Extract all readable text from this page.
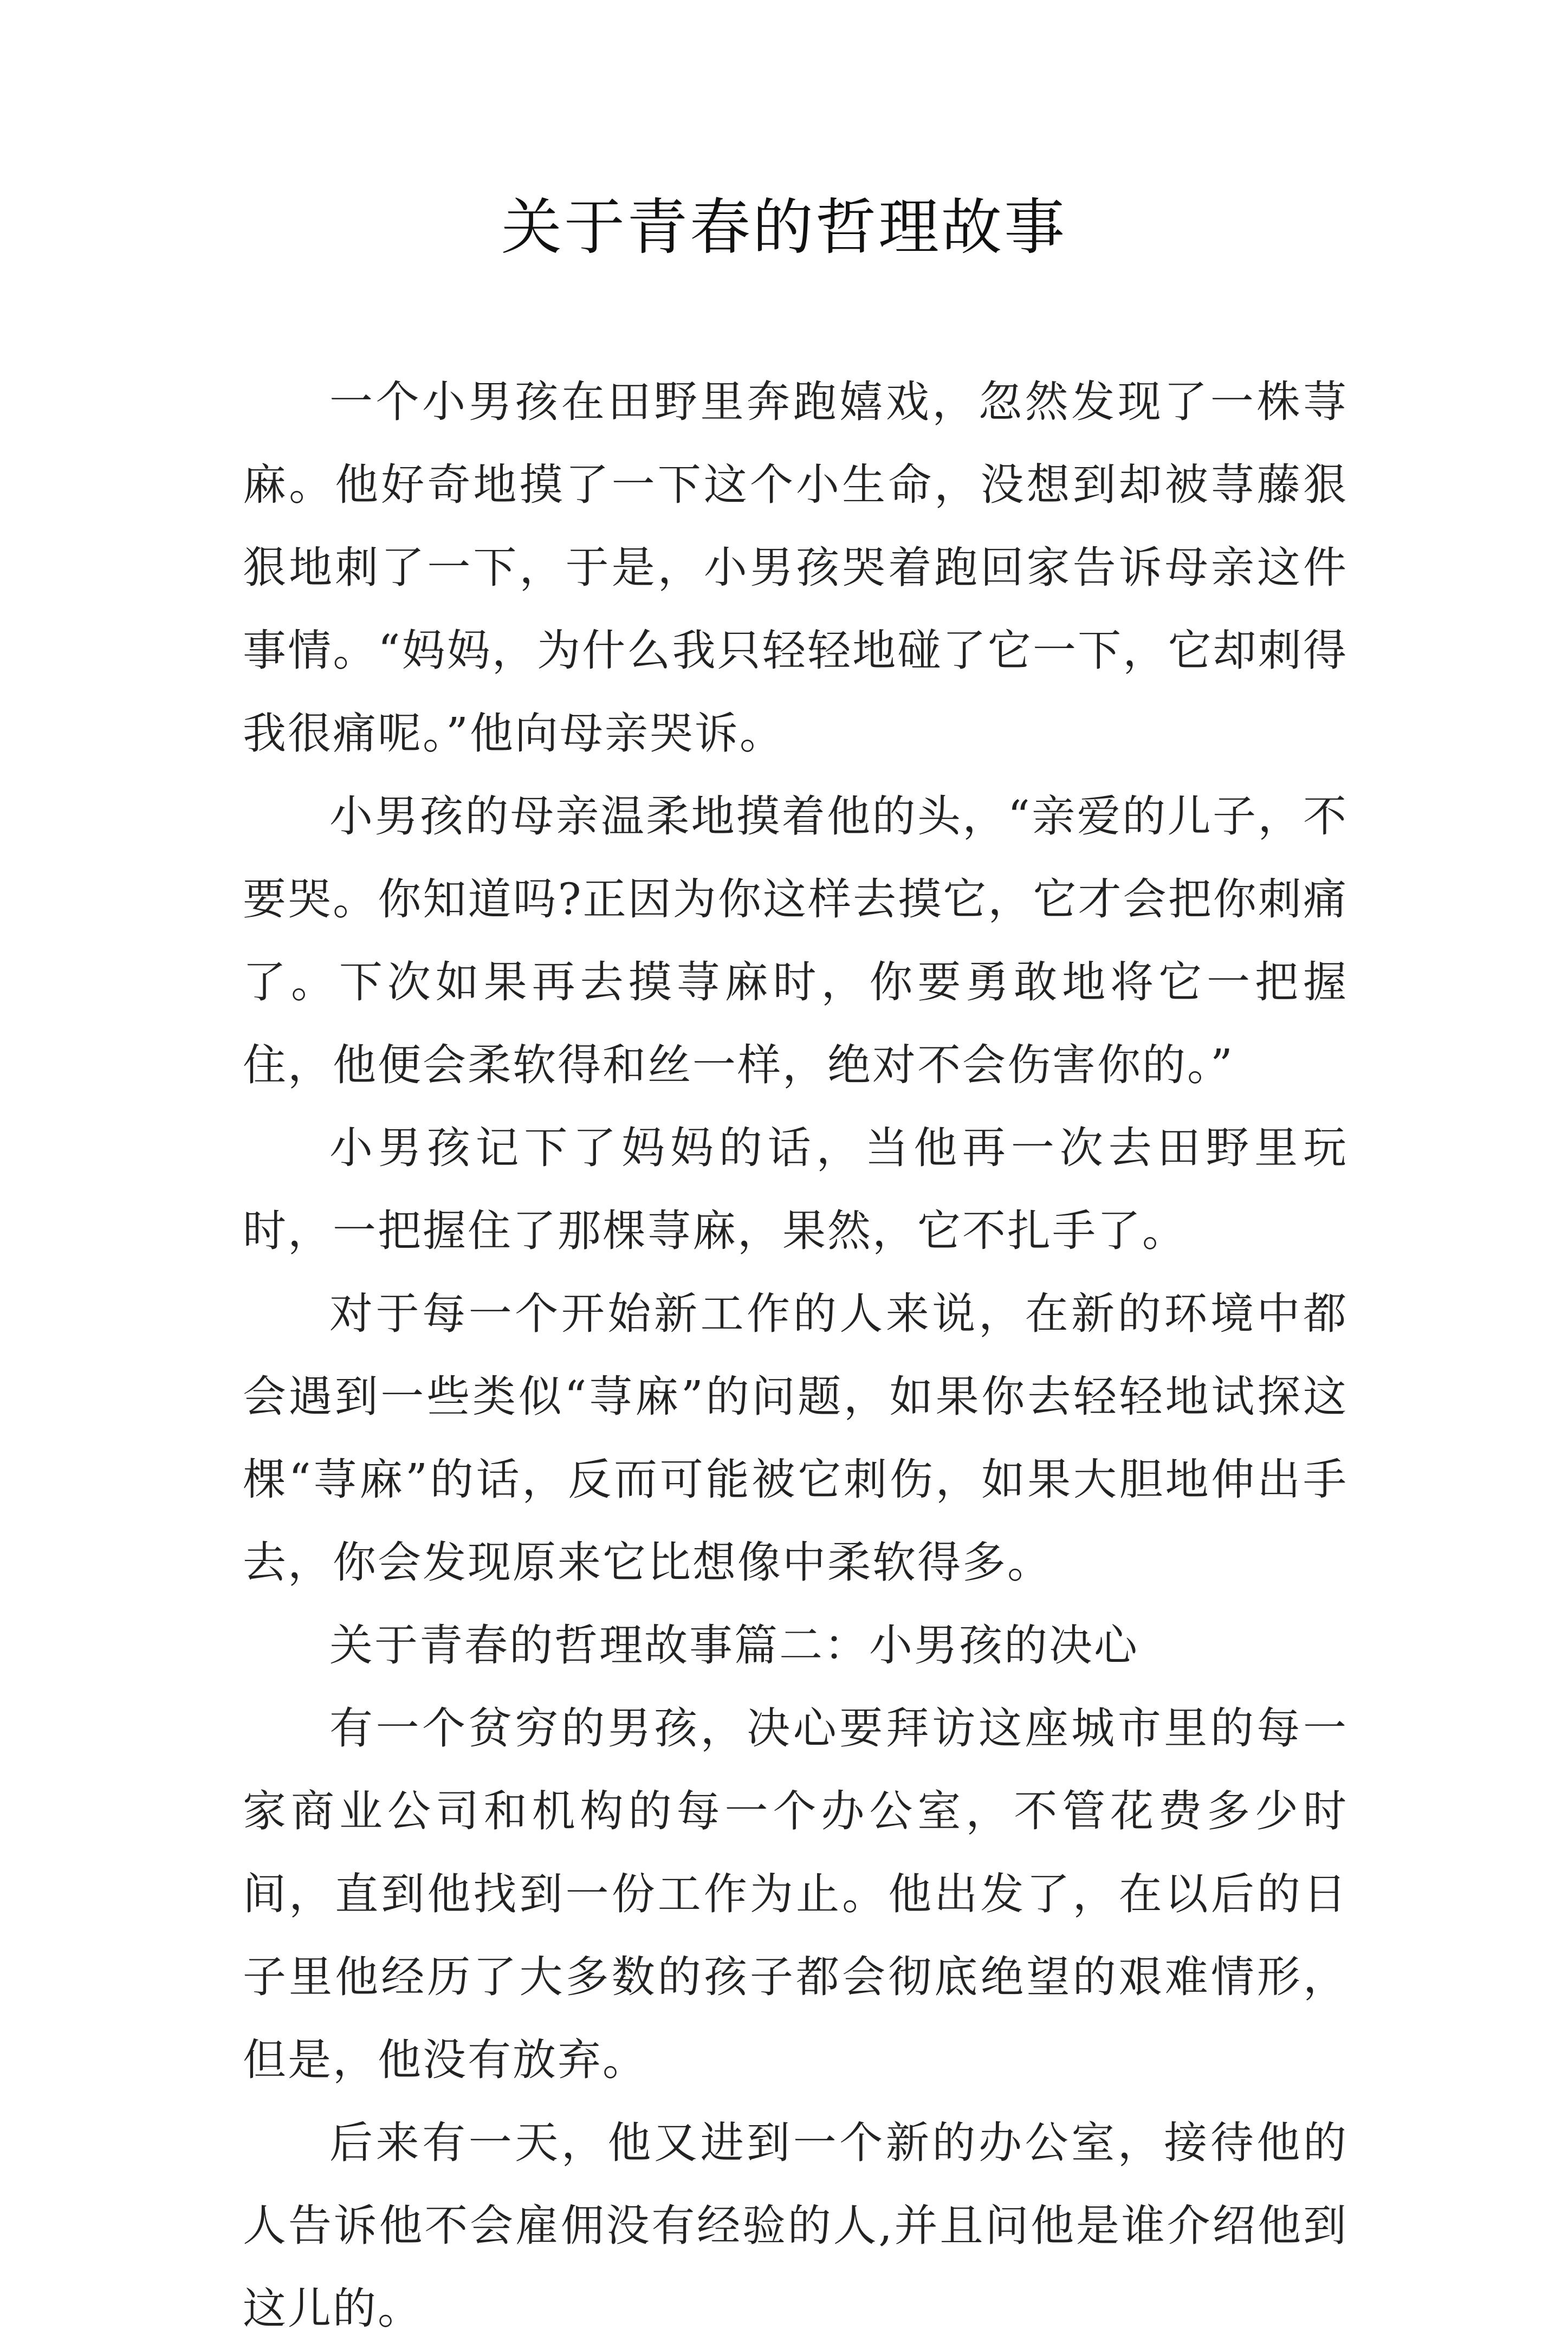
关于青春的哲理故事

一个小男孩在田野里奔跑嬉戏，忽然发现了一株荨麻。他好奇地摸了一下这个小生命，没想到却被荨藤狠狠地刺了一下，于是，小男孩哭着跑回家告诉母亲这件事情。“妈妈，为什么我只轻轻地碰了它一下，它却刺得我很痛呢。”他向母亲哭诉。

小男孩的母亲温柔地摸着他的头，“亲爱的儿子，不要哭。你知道吗?正因为你这样去摸它，它才会把你刺痛了。下次如果再去摸荨麻时，你要勇敢地将它一把握住，他便会柔软得和丝一样，绝对不会伤害你的。”

小男孩记下了妈妈的话，当他再一次去田野里玩时，一把握住了那棵荨麻，果然，它不扎手了。

对于每一个开始新工作的人来说，在新的环境中都会遇到一些类似“荨麻”的问题，如果你去轻轻地试探这棵“荨麻”的话，反而可能被它刺伤，如果大胆地伸出手去，你会发现原来它比想像中柔软得多。

关于青春的哲理故事篇二：小男孩的决心

有一个贫穷的男孩，决心要拜访这座城市里的每一家商业公司和机构的每一个办公室，不管花费多少时间，直到他找到一份工作为止。他出发了，在以后的日子里他经历了大多数的孩子都会彻底绝望的艰难情形，但是，他没有放弃。

后来有一天，他又进到一个新的办公室，接待他的人告诉他不会雇佣没有经验的人,并且问他是谁介绍他到这儿的。
